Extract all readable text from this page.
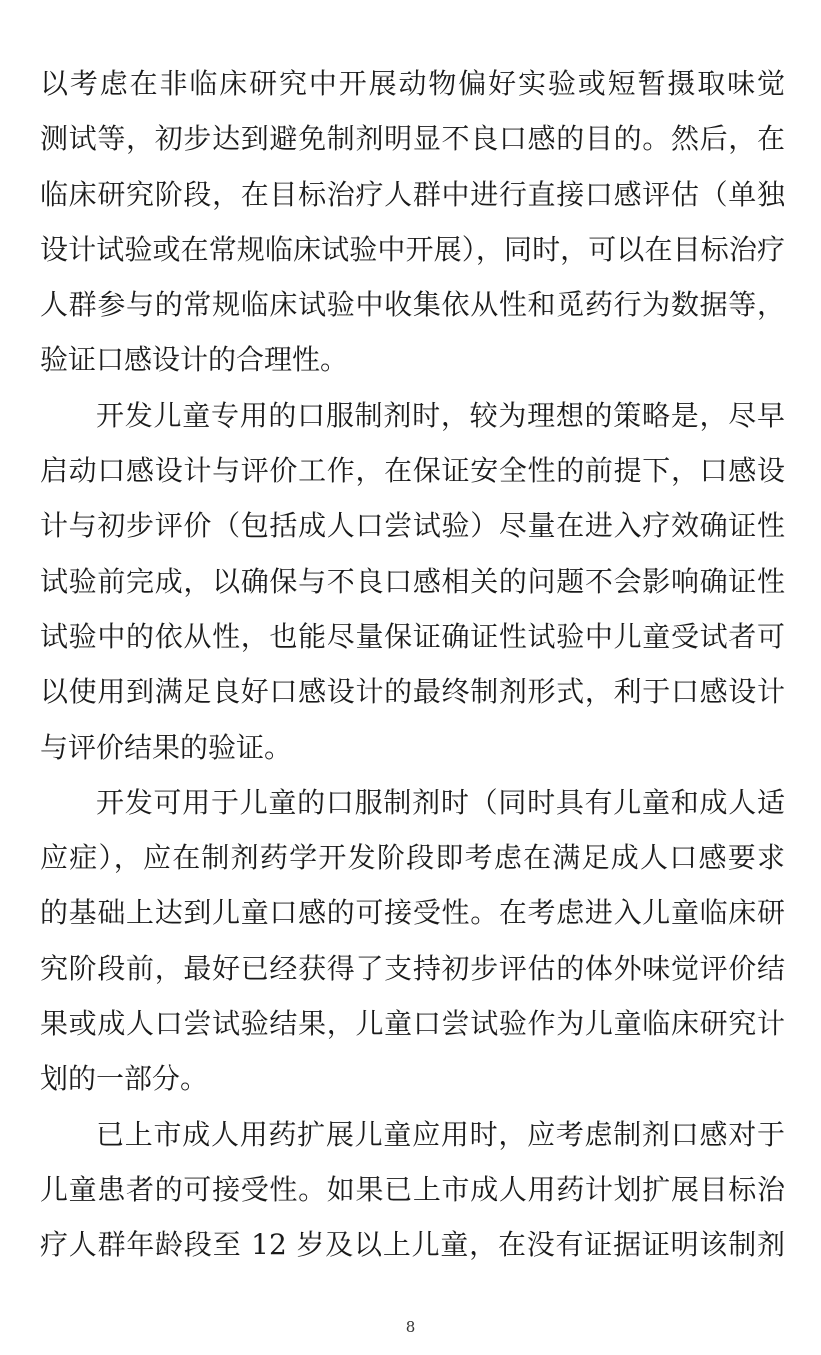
以考虑在非临床研究中开展动物偏好实验或短暂摄取味觉
测试等，初步达到避免制剂明显不良口感的目的。然后，在
临床研究阶段，在目标治疗人群中进行直接口感评估（单独
设计试验或在常规临床试验中开展），同时，可以在目标治疗
人群参与的常规临床试验中收集依从性和觅药行为数据等，
验证口感设计的合理性。
开发儿童专用的口服制剂时，较为理想的策略是，尽早
启动口感设计与评价工作，在保证安全性的前提下，口感设
计与初步评价（包括成人口尝试验）尽量在进入疗效确证性
试验前完成，以确保与不良口感相关的问题不会影响确证性
试验中的依从性，也能尽量保证确证性试验中儿童受试者可
以使用到满足良好口感设计的最终制剂形式，利于口感设计
与评价结果的验证。
开发可用于儿童的口服制剂时（同时具有儿童和成人适
应症），应在制剂药学开发阶段即考虑在满足成人口感要求
的基础上达到儿童口感的可接受性。在考虑进入儿童临床研
究阶段前，最好已经获得了支持初步评估的体外味觉评价结
果或成人口尝试验结果，儿童口尝试验作为儿童临床研究计
划的一部分。
已上市成人用药扩展儿童应用时，应考虑制剂口感对于
儿童患者的可接受性。如果已上市成人用药计划扩展目标治
疗人群年龄段至 12 岁及以上儿童，在没有证据证明该制剂
8
